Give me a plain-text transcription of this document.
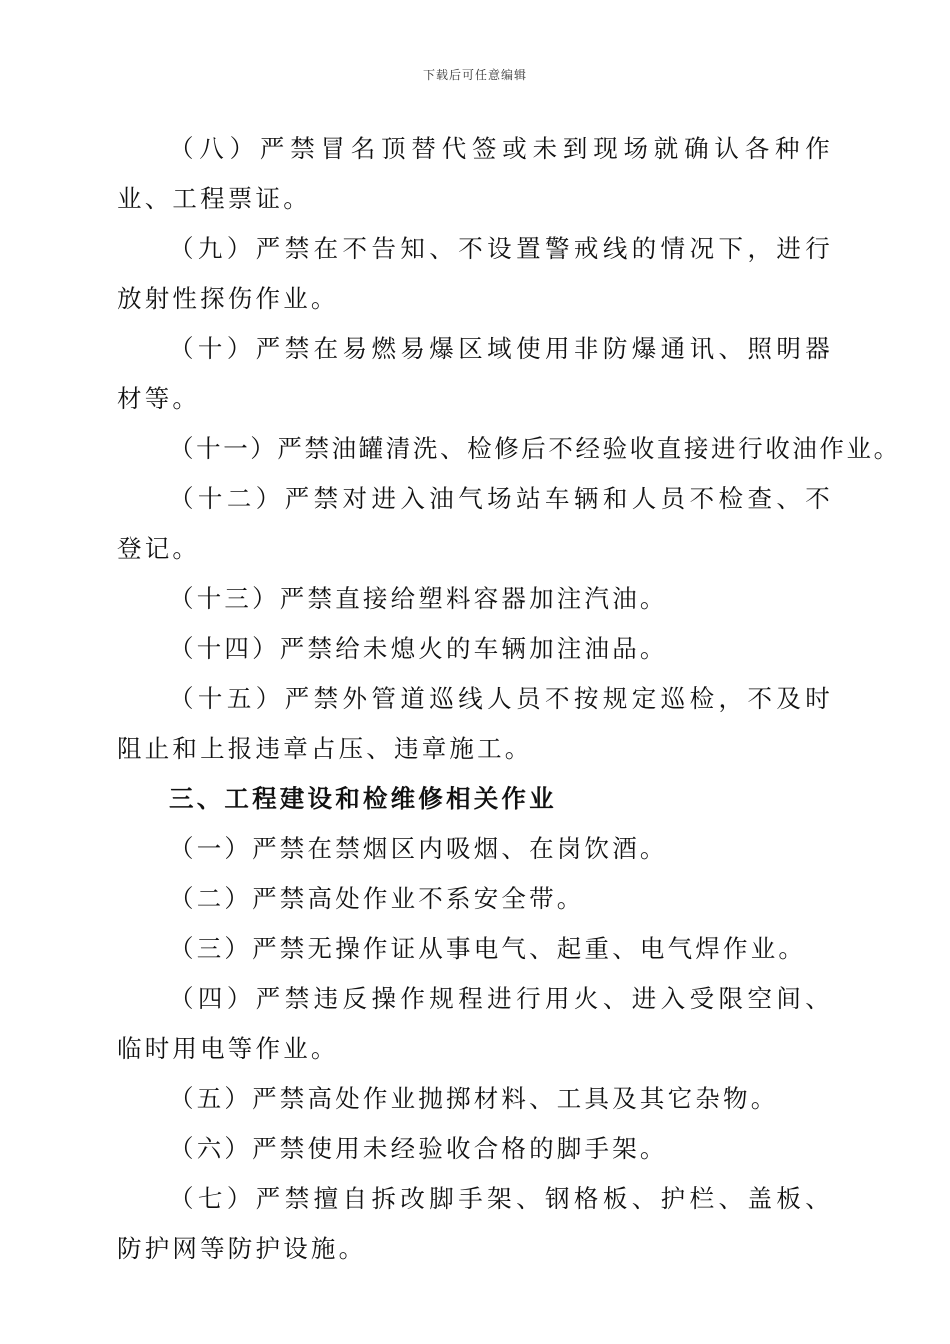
下载后可任意编辑

（八）严禁冒名顶替代签或未到现场就确认各种作业、工程票证。

（九）严禁在不告知、不设置警戒线的情况下，进行放射性探伤作业。

（十）严禁在易燃易爆区域使用非防爆通讯、照明器材等。

（十一）严禁油罐清洗、检修后不经验收直接进行收油作业。

（十二）严禁对进入油气场站车辆和人员不检查、不登记。

（十三）严禁直接给塑料容器加注汽油。

（十四）严禁给未熄火的车辆加注油品。

（十五）严禁外管道巡线人员不按规定巡检，不及时阻止和上报违章占压、违章施工。

三、工程建设和检维修相关作业

（一）严禁在禁烟区内吸烟、在岗饮酒。

（二）严禁高处作业不系安全带。

（三）严禁无操作证从事电气、起重、电气焊作业。

（四）严禁违反操作规程进行用火、进入受限空间、临时用电等作业。

（五）严禁高处作业抛掷材料、工具及其它杂物。

（六）严禁使用未经验收合格的脚手架。

（七）严禁擅自拆改脚手架、钢格板、护栏、盖板、防护网等防护设施。
